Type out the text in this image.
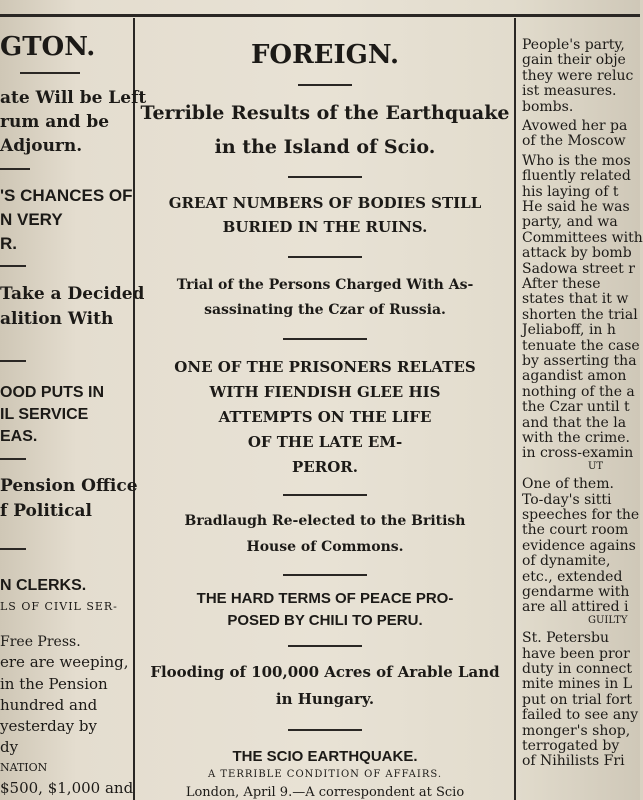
GTON.
ate Will be Left
rum and be
Adjourn.
'S CHANCES OF
N VERY
R.
Take a Decided
alition With
OOD PUTS IN
IL SERVICE
EAS.
Pension Office
f Political
N CLERKS.
LS OF CIVIL SER-
Free Press.
ere are weeping,
in the Pension
hundred and
yesterday by
dy
NATION
$500, $1,000 and
FOREIGN.
Terrible Results of the Earthquake
in the Island of Scio.
GREAT NUMBERS OF BODIES STILL
BURIED IN THE RUINS.
Trial of the Persons Charged With As-
sassinating the Czar of Russia.
ONE OF THE PRISONERS RELATES
WITH FIENDISH GLEE HIS
ATTEMPTS ON THE LIFE
OF THE LATE EM-
PEROR.
Bradlaugh Re-elected to the British
House of Commons.
THE HARD TERMS OF PEACE PRO-
POSED BY CHILI TO PERU.
Flooding of 100,000 Acres of Arable Land
in Hungary.
THE SCIO EARTHQUAKE.
A TERRIBLE CONDITION OF AFFAIRS.
London, April 9.—A correspondent at Scio
People's party,
gain their obje
they were reluc
ist measures.
bombs.
Avowed her pa
of the Moscow
Who is the mos
fluently related
his laying of t
He said he was
party, and wa
Committees with
attack by bomb
Sadowa street r
After these
states that it w
shorten the trial
Jeliaboff, in h
tenuate the case
by asserting tha
agandist amon
nothing of the a
the Czar until t
and that the la
with the crime.
in cross-examin
UT
One of them.
To-day's sitti
speeches for the
the court room
evidence agains
of dynamite,
etc., extended
gendarme with
are all attired i
GUILTY
St. Petersbu
have been pror
duty in connect
mite mines in L
put on trial fort
failed to see any
monger's shop,
terrogated by
of Nihilists Fri
